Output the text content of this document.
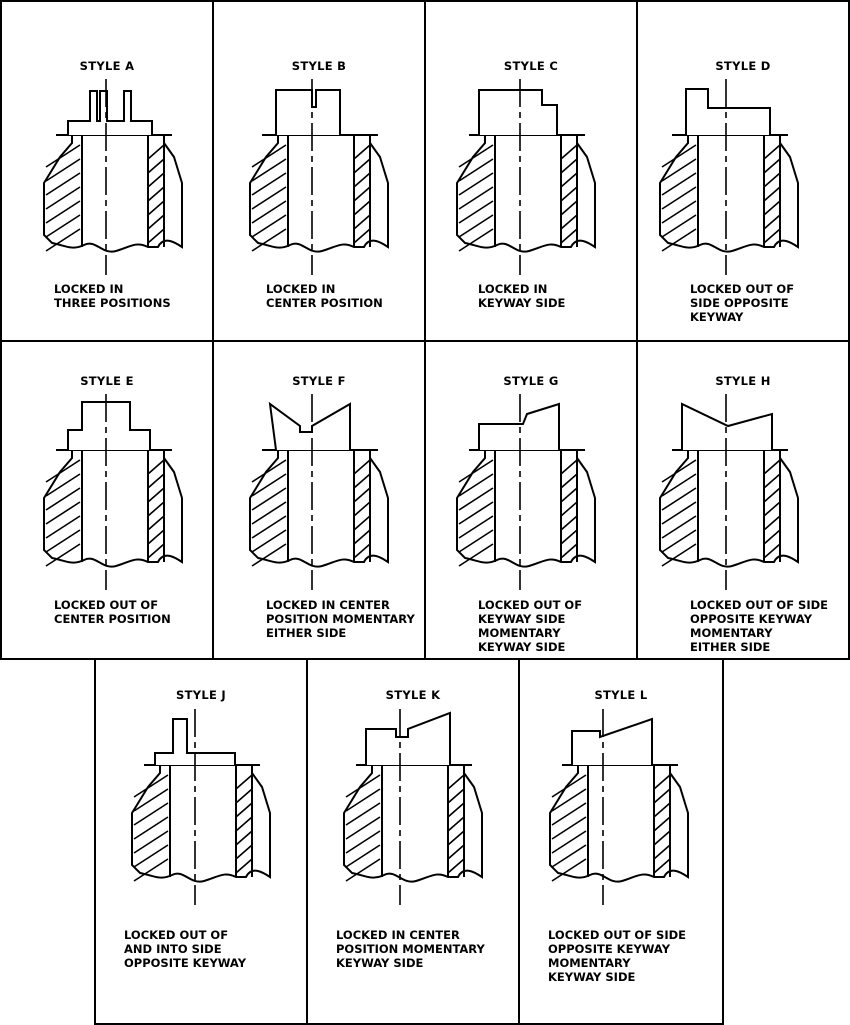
STYLE A
LOCKED IN
THREE POSITIONS
STYLE B
LOCKED IN
CENTER POSITION
STYLE C
LOCKED IN
KEYWAY SIDE
STYLE D
LOCKED OUT OF
SIDE OPPOSITE
KEYWAY
STYLE E
LOCKED OUT OF
CENTER POSITION
STYLE F
LOCKED IN CENTER
POSITION MOMENTARY
EITHER SIDE
STYLE G
LOCKED OUT OF
KEYWAY SIDE
MOMENTARY
KEYWAY SIDE
STYLE H
LOCKED OUT OF SIDE
OPPOSITE KEYWAY
MOMENTARY
EITHER SIDE
STYLE J
LOCKED OUT OF
AND INTO SIDE
OPPOSITE KEYWAY
STYLE K
LOCKED IN CENTER
POSITION MOMENTARY
KEYWAY SIDE
STYLE L
LOCKED OUT OF SIDE
OPPOSITE KEYWAY
MOMENTARY
KEYWAY SIDE
